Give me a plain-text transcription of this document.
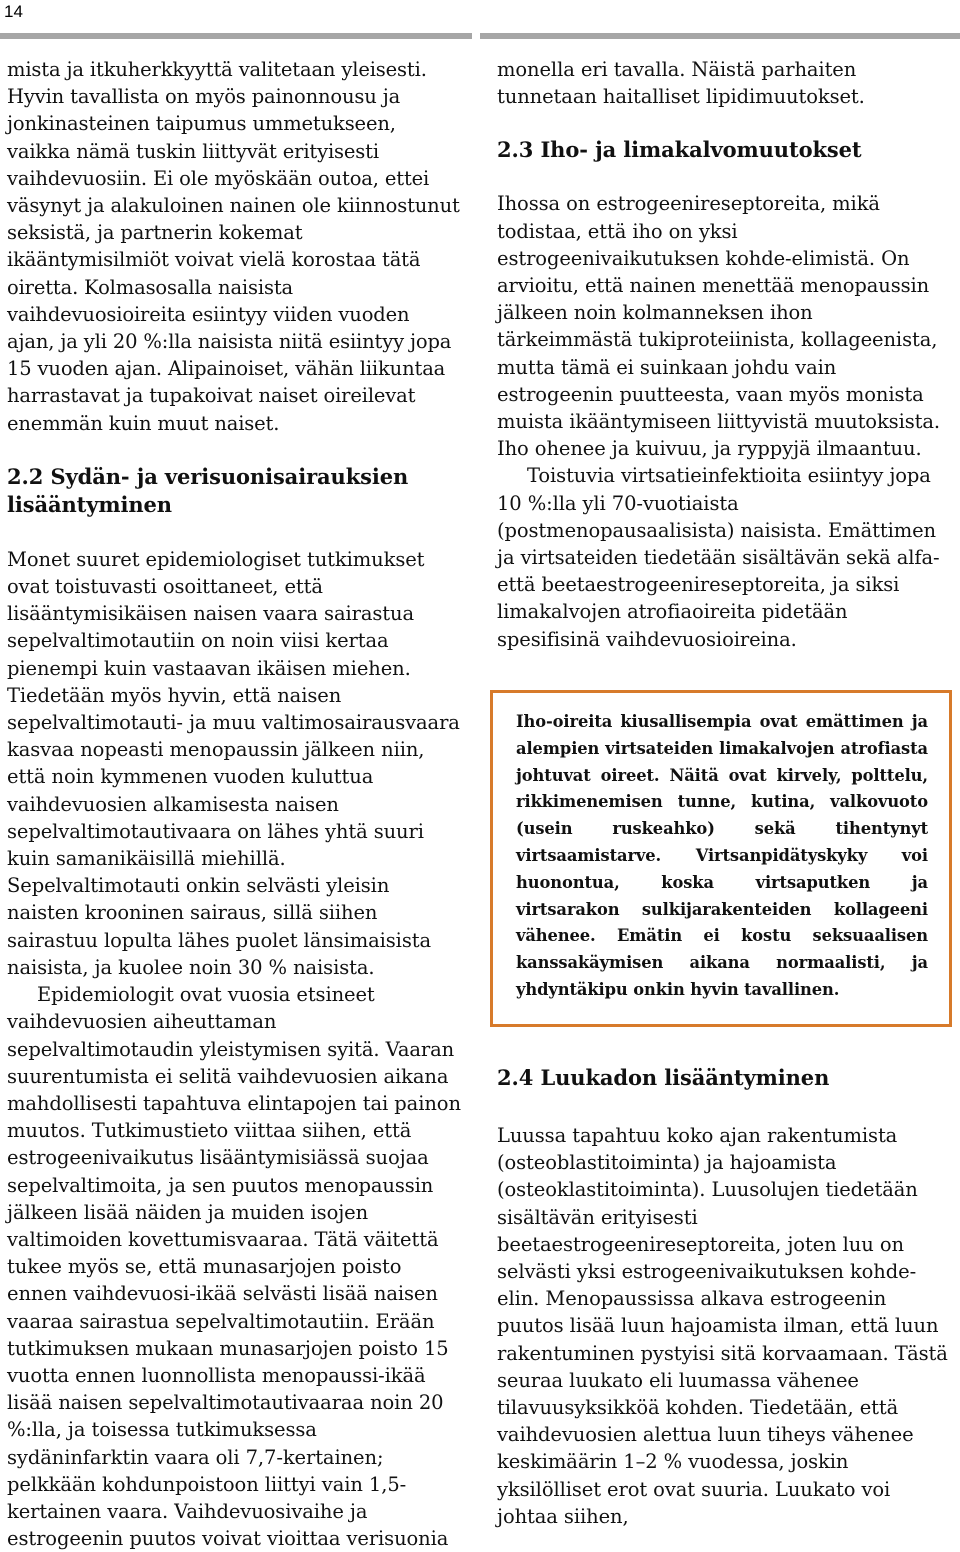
14

mista ja itkuherkkyyttä valitetaan yleisesti. Hyvin tavallista on myös painonnousu ja jonkinasteinen taipumus ummetukseen, vaikka nämä tuskin liittyvät erityisesti vaihdevuosiin. Ei ole myöskään outoa, ettei väsynyt ja alakuloinen nainen ole kiinnostunut seksistä, ja partnerin kokemat ikääntymisilmiöt voivat vielä korostaa tätä oiretta. Kolmasosalla naisista vaihdevuosioireita esiintyy viiden vuoden ajan, ja yli 20 %:lla naisista niitä esiintyy jopa 15 vuoden ajan. Alipainoiset, vähän liikuntaa harrastavat ja tupakoivat naiset oireilevat enemmän kuin muut naiset.

2.2 Sydän- ja verisuonisairauksien lisääntyminen

Monet suuret epidemiologiset tutkimukset ovat toistuvasti osoittaneet, että lisääntymisikäisen naisen vaara sairastua sepelvaltimotautiin on noin viisi kertaa pienempi kuin vastaavan ikäisen miehen. Tiedetään myös hyvin, että naisen sepelvaltimotauti- ja muu valtimosairausvaara kasvaa nopeasti menopaussin jälkeen niin, että noin kymmenen vuoden kuluttua vaihdevuosien alkamisesta naisen sepelvaltimotautivaara on lähes yhtä suuri kuin samanikäisillä miehillä. Sepelvaltimotauti onkin selvästi yleisin naisten krooninen sairaus, sillä siihen sairastuu lopulta lähes puolet länsimaisista naisista, ja kuolee noin 30 % naisista.

Epidemiologit ovat vuosia etsineet vaihdevuosien aiheuttaman sepelvaltimotaudin yleistymisen syitä. Vaaran suurentumista ei selitä vaihdevuosien aikana mahdollisesti tapahtuva elintapojen tai painon muutos. Tutkimustieto viittaa siihen, että estrogeenivaikutus lisääntymisiässä suojaa sepelvaltimoita, ja sen puutos menopaussin jälkeen lisää näiden ja muiden isojen valtimoiden kovettumisvaaraa. Tätä väitettä tukee myös se, että munasarjojen poisto ennen vaihdevuosi-ikää selvästi lisää naisen vaaraa sairastua sepelvaltimotautiin. Erään tutkimuksen mukaan munasarjojen poisto 15 vuotta ennen luonnollista menopaussi-ikää lisää naisen sepelvaltimotautivaaraa noin 20 %:lla, ja toisessa tutkimuksessa sydäninfarktin vaara oli 7,7-kertainen; pelkkään kohdunpoistoon liittyi vain 1,5-kertainen vaara. Vaihdevuosivaihe ja estrogeenin puutos voivat vioittaa verisuonia

monella eri tavalla. Näistä parhaiten tunnetaan haitalliset lipidimuutokset.

2.3 Iho- ja limakalvomuutokset

Ihossa on estrogeenireseptoreita, mikä todistaa, että iho on yksi estrogeenivaikutuksen kohde-elimistä. On arvioitu, että nainen menettää menopaussin jälkeen noin kolmanneksen ihon tärkeimmästä tukiproteiinista, kollageenista, mutta tämä ei suinkaan johdu vain estrogeenin puutteesta, vaan myös monista muista ikääntymiseen liittyvistä muutoksista. Iho ohenee ja kuivuu, ja ryppyjä ilmaantuu.

Toistuvia virtsatieinfektioita esiintyy jopa 10 %:lla yli 70-vuotiaista (postmenopausaalisista) naisista. Emättimen ja virtsateiden tiedetään sisältävän sekä alfa- että beetaestrogeenireseptoreita, ja siksi limakalvojen atrofiaoireita pidetään spesifisinä vaihdevuosioireina.

2.4 Luukadon lisääntyminen

Luussa tapahtuu koko ajan rakentumista (osteoblastitoiminta) ja hajoamista (osteoklastitoiminta). Luusolujen tiedetään sisältävän erityisesti beetaestrogeenireseptoreita, joten luu on selvästi yksi estrogeenivaikutuksen kohde-elin. Menopaussissa alkava estrogeenin puutos lisää luun hajoamista ilman, että luun rakentuminen pystyisi sitä korvaamaan. Tästä seuraa luukato eli luumassa vähenee tilavuusyksikköä kohden. Tiedetään, että vaihdevuosien alettua luun tiheys vähenee keskimäärin 1–2 % vuodessa, joskin yksilölliset erot ovat suuria. Luukato voi johtaa siihen,

Iho-oireita kiusallisempia ovat emättimen ja alempien virtsateiden limakalvojen atrofiasta johtuvat oireet. Näitä ovat kirvely, polttelu, rikkimenemisen tunne, kutina, valkovuoto (usein ruskeahko) sekä tihentynyt virtsaamistarve. Virtsanpidätyskyky voi huonontua, koska virtsaputken ja virtsarakon sulkijarakenteiden kollageeni vähenee. Emätin ei kostu seksuaalisen kanssakäymisen aikana normaalisti, ja yhdyntäkipu onkin hyvin tavallinen.
